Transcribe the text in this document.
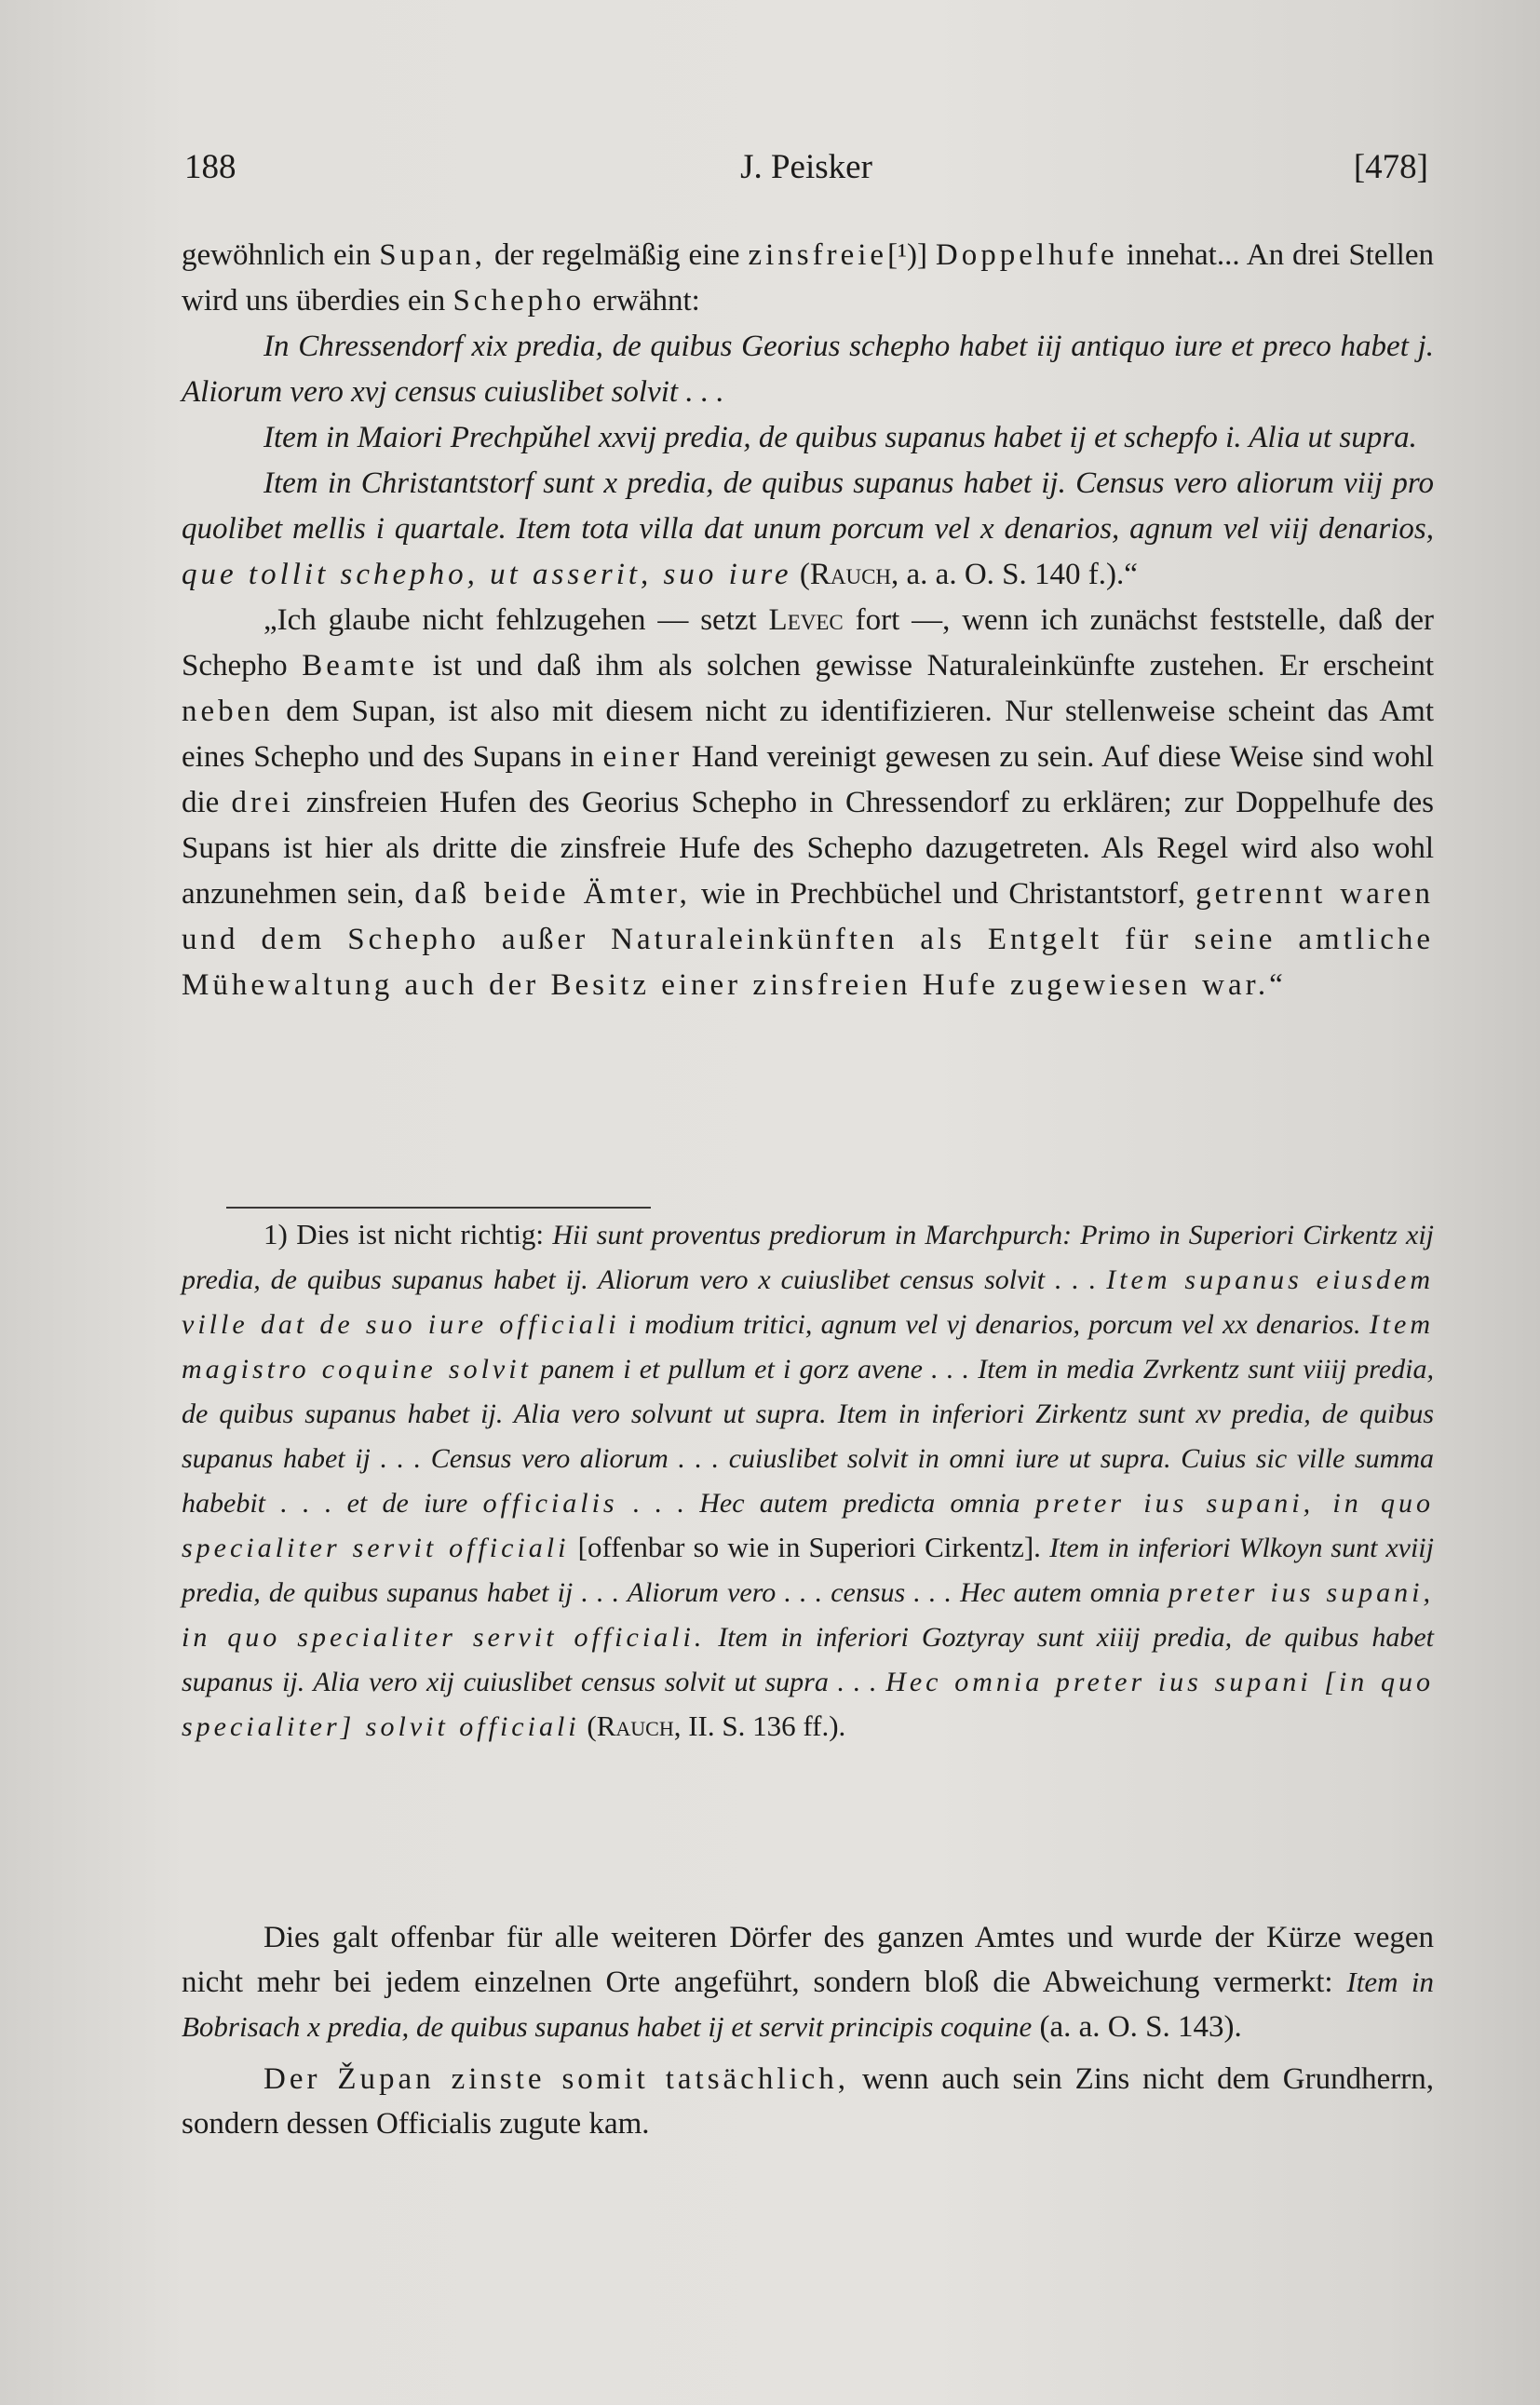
188	J. Peisker	[478]

gewöhnlich ein Supan, der regelmäßig eine zinsfreie[¹)] Doppelhufe innehat... An drei Stellen wird uns überdies ein Schepho erwähnt:

In Chressendorf xix predia, de quibus Georius schepho habet iij antiquo iure et preco habet j. Aliorum vero xvj census cuiuslibet solvit . . .

Item in Maiori Prechpǔhel xxvij predia, de quibus supanus habet ij et schepfo i. Alia ut supra.

Item in Christantstorf sunt x predia, de quibus supanus habet ij. Census vero aliorum viij pro quolibet mellis i quartale. Item tota villa dat unum porcum vel x denarios, agnum vel viij denarios, que tollit schepho, ut asserit, suo iure (Rauch, a. a. O. S. 140 f.).“

„Ich glaube nicht fehlzugehen — setzt Levec fort —, wenn ich zunächst feststelle, daß der Schepho Beamte ist und daß ihm als solchen gewisse Naturaleinkünfte zustehen. Er erscheint neben dem Supan, ist also mit diesem nicht zu identifizieren. Nur stellenweise scheint das Amt eines Schepho und des Supans in einer Hand vereinigt gewesen zu sein. Auf diese Weise sind wohl die drei zinsfreien Hufen des Georius Schepho in Chressendorf zu erklären; zur Doppelhufe des Supans ist hier als dritte die zinsfreie Hufe des Schepho dazugetreten. Als Regel wird also wohl anzunehmen sein, daß beide Ämter, wie in Prechbüchel und Christantstorf, getrennt waren und dem Schepho außer Naturaleinkünften als Entgelt für seine amtliche Mühewaltung auch der Besitz einer zinsfreien Hufe zugewiesen war.“

1) Dies ist nicht richtig: Hii sunt proventus prediorum in Marchpurch: Primo in Superiori Cirkentz xij predia, de quibus supanus habet ij. Aliorum vero x cuiuslibet census solvit . . . Item supanus eiusdem ville dat de suo iure officiali i modium tritici, agnum vel vj denarios, porcum vel xx denarios. Item magistro coquine solvit panem i et pullum et i gorz avene . . . Item in media Zvrkentz sunt viiij predia, de quibus supanus habet ij. Alia vero solvunt ut supra. Item in inferiori Zirkentz sunt xv predia, de quibus supanus habet ij . . . Census vero aliorum . . . cuiuslibet solvit in omni iure ut supra. Cuius sic ville summa habebit . . . et de iure officialis . . . Hec autem predicta omnia preter ius supani, in quo specialiter servit officiali [offenbar so wie in Superiori Cirkentz]. Item in inferiori Wlkoyn sunt xviij predia, de quibus supanus habet ij . . . Aliorum vero . . . census . . . Hec autem omnia preter ius supani, in quo specialiter servit officiali. Item in inferiori Goztyray sunt xiiij predia, de quibus habet supanus ij. Alia vero xij cuiuslibet census solvit ut supra . . . Hec omnia preter ius supani [in quo specialiter] solvit officiali (Rauch, II. S. 136 ff.).

Dies galt offenbar für alle weiteren Dörfer des ganzen Amtes und wurde der Kürze wegen nicht mehr bei jedem einzelnen Orte angeführt, sondern bloß die Abweichung vermerkt: Item in Bobrisach x predia, de quibus supanus habet ij et servit principis coquine (a. a. O. S. 143).

Der Župan zinste somit tatsächlich, wenn auch sein Zins nicht dem Grundherrn, sondern dessen Officialis zugute kam.
